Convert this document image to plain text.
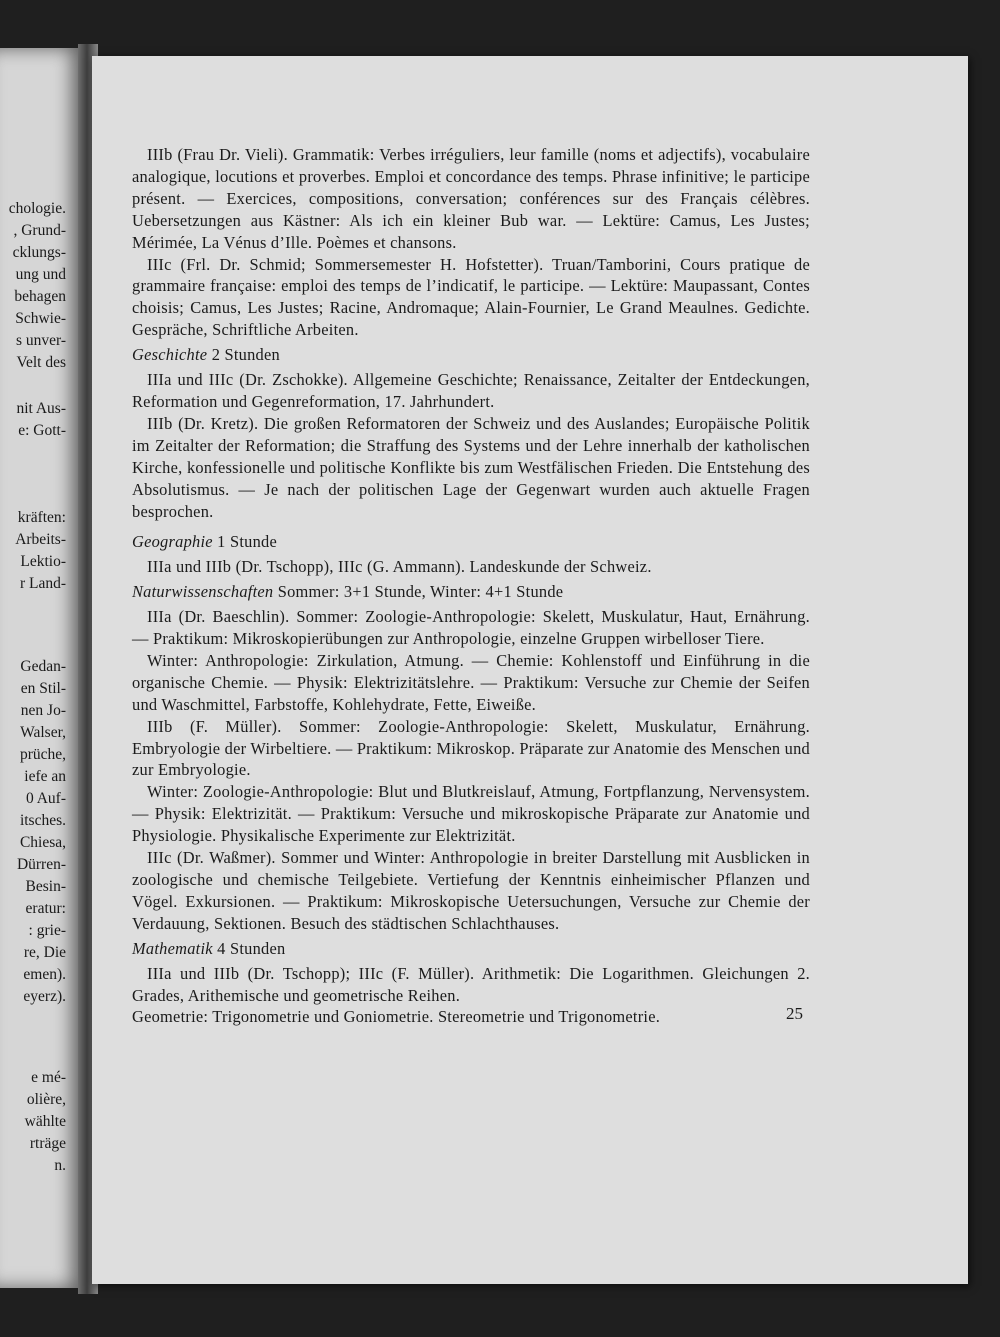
chologie.
, Grund-
cklungs-
ung und
behagen
Schwie-
s unver-
Velt des
nit Aus-
e: Gott-
kräften:
Arbeits-
Lektio-
r Land-
Gedan-
en Stil-
nen Jo-
Walser,
prüche,
iefe an
0 Auf-
itsches.
Chiesa,
Dürren-
Besin-
eratur:
: grie-
re, Die
emen).
eyerz).
e mé-
olière,
wählte
rträge
n.

IIIb (Frau Dr. Vieli). Grammatik: Verbes irréguliers, leur famille (noms et adjectifs), vocabulaire analogique, locutions et proverbes. Emploi et concordance des temps. Phrase infinitive; le participe présent. — Exercices, compositions, conversation; conférences sur des Français célèbres. Uebersetzungen aus Kästner: Als ich ein kleiner Bub war. — Lektüre: Camus, Les Justes; Mérimée, La Vénus d’Ille. Poèmes et chansons.

IIIc (Frl. Dr. Schmid; Sommersemester H. Hofstetter). Truan/Tamborini, Cours pratique de grammaire française: emploi des temps de l’indicatif, le participe. — Lektüre: Maupassant, Contes choisis; Camus, Les Justes; Racine, Andromaque; Alain-Fournier, Le Grand Meaulnes. Gedichte. Gespräche, Schriftliche Arbeiten.

Geschichte 2 Stunden

IIIa und IIIc (Dr. Zschokke). Allgemeine Geschichte; Renaissance, Zeitalter der Entdeckungen, Reformation und Gegenreformation, 17. Jahrhundert.

IIIb (Dr. Kretz). Die großen Reformatoren der Schweiz und des Auslandes; Europäische Politik im Zeitalter der Reformation; die Straffung des Systems und der Lehre innerhalb der katholischen Kirche, konfessionelle und politische Konflikte bis zum Westfälischen Frieden. Die Entstehung des Absolutismus. — Je nach der politischen Lage der Gegenwart wurden auch aktuelle Fragen besprochen.

Geographie 1 Stunde

IIIa und IIIb (Dr. Tschopp), IIIc (G. Ammann). Landeskunde der Schweiz.

Naturwissenschaften Sommer: 3+1 Stunde, Winter: 4+1 Stunde

IIIa (Dr. Baeschlin). Sommer: Zoologie-Anthropologie: Skelett, Muskulatur, Haut, Ernährung. — Praktikum: Mikroskopierübungen zur Anthropologie, einzelne Gruppen wirbelloser Tiere.

Winter: Anthropologie: Zirkulation, Atmung. — Chemie: Kohlenstoff und Einführung in die organische Chemie. — Physik: Elektrizitätslehre. — Praktikum: Versuche zur Chemie der Seifen und Waschmittel, Farbstoffe, Kohlehydrate, Fette, Eiweiße.

IIIb (F. Müller). Sommer: Zoologie-Anthropologie: Skelett, Muskulatur, Ernährung. Embryologie der Wirbeltiere. — Praktikum: Mikroskop. Präparate zur Anatomie des Menschen und zur Embryologie.

Winter: Zoologie-Anthropologie: Blut und Blutkreislauf, Atmung, Fortpflanzung, Nervensystem. — Physik: Elektrizität. — Praktikum: Versuche und mikroskopische Präparate zur Anatomie und Physiologie. Physikalische Experimente zur Elektrizität.

IIIc (Dr. Waßmer). Sommer und Winter: Anthropologie in breiter Darstellung mit Ausblicken in zoologische und chemische Teilgebiete. Vertiefung der Kenntnis einheimischer Pflanzen und Vögel. Exkursionen. — Praktikum: Mikroskopische Uetersuchungen, Versuche zur Chemie der Verdauung, Sektionen. Besuch des städtischen Schlachthauses.

Mathematik 4 Stunden

IIIa und IIIb (Dr. Tschopp); IIIc (F. Müller). Arithmetik: Die Logarithmen. Gleichungen 2. Grades, Arithemische und geometrische Reihen.

Geometrie: Trigonometrie und Goniometrie. Stereometrie und Trigonometrie.	25
